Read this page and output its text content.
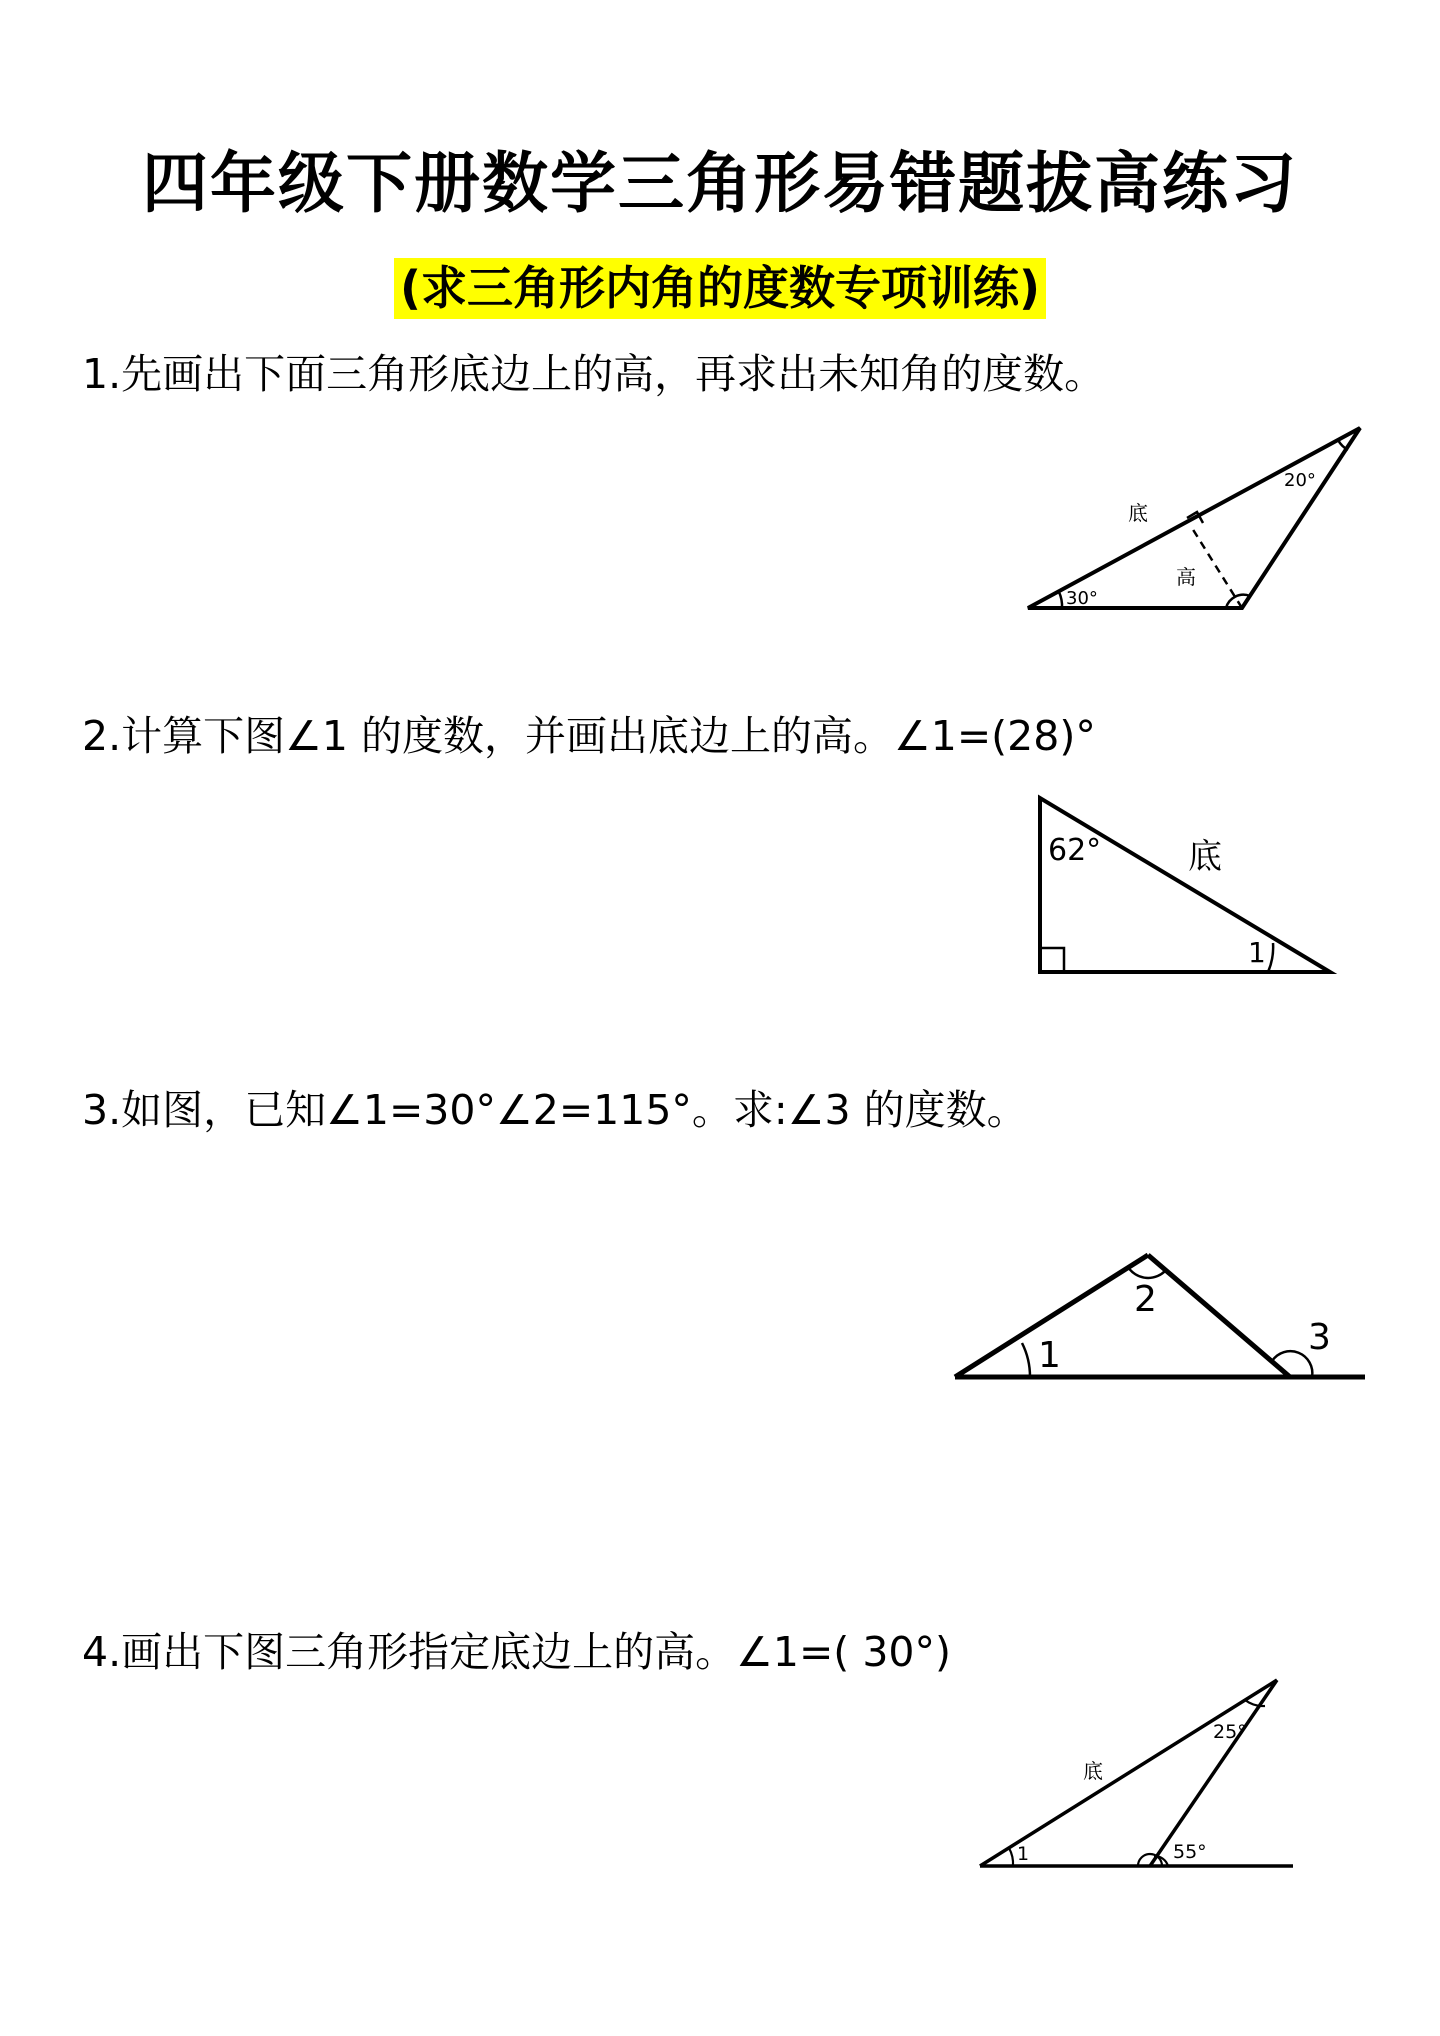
四年级下册数学三角形易错题拔高练习
(求三角形内角的度数专项训练)
1.先画出下面三角形底边上的高，再求出未知角的度数。
2.计算下图∠1 的度数，并画出底边上的高。∠1=(28)°
3.如图，已知∠1=30°∠2=115°。求:∠3 的度数。
4.画出下图三角形指定底边上的高。∠1=( 30°)
底
高
30°
20°
62°	底
1
1
2
3
底
25°
55°
1
